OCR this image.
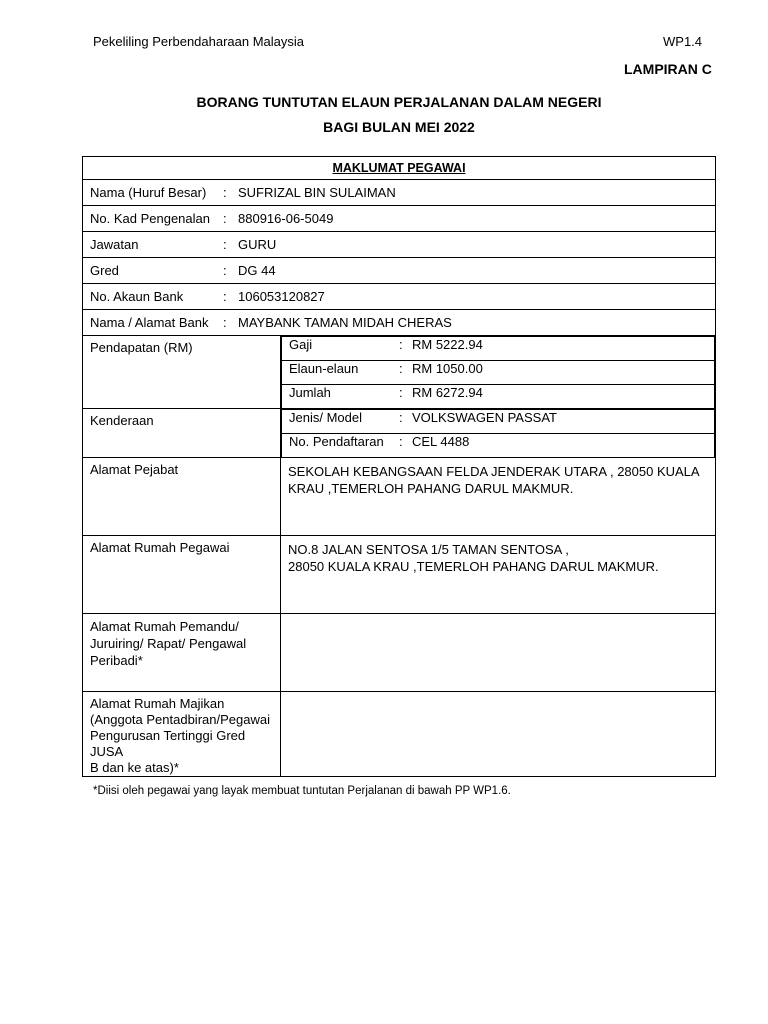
Pekeliling Perbendaharaan Malaysia	WP1.4
LAMPIRAN C
BORANG TUNTUTAN ELAUN PERJALANAN DALAM NEGERI
BAGI BULAN MEI 2022
MAKLUMAT PEGAWAI
Nama (Huruf Besar) : SUFRIZAL BIN SULAIMAN
No. Kad Pengenalan : 880916-06-5049
Jawatan	: GURU
Gred	: DG 44
No. Akaun Bank	: 106053120827
Nama / Alamat Bank : MAYBANK TAMAN MIDAH CHERAS
Pendapatan (RM)		Gaji	: RM 5222.94
Elaun-elaun	: RM 1050.00
Jumlah	: RM 6272.94

Kenderaan		Jenis/ Model	: VOLKSWAGEN PASSAT
No. Pendaftaran : CEL 4488

Alamat Pejabat	SEKOLAH KEBANGSAAN FELDA JENDERAK UTARA , 28050 KUALA
KRAU ,TEMERLOH PAHANG DARUL MAKMUR.

Alamat Rumah Pegawai	NO.8 JALAN SENTOSA 1/5 TAMAN SENTOSA ,
28050 KUALA KRAU ,TEMERLOH PAHANG DARUL MAKMUR.

Alamat Rumah Pemandu/
Juruiring/ Rapat/ Pengawal
Peribadi*

Alamat Rumah Majikan
(Anggota Pentadbiran/Pegawai
Pengurusan Tertinggi Gred JUSA
B dan ke atas)*

*Diisi oleh pegawai yang layak membuat tuntutan Perjalanan di bawah PP WP1.6.
